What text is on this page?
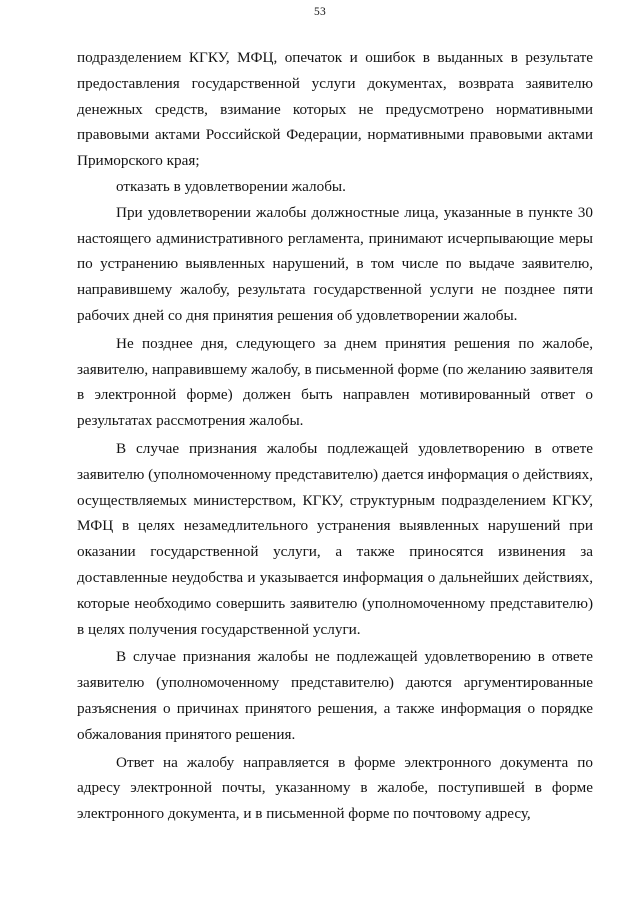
53

подразделением КГКУ, МФЦ, опечаток и ошибок в выданных в результате предоставления государственной услуги документах, возврата заявителю денежных средств, взимание которых не предусмотрено нормативными правовыми актами Российской Федерации, нормативными правовыми актами Приморского края;

отказать в удовлетворении жалобы.

При удовлетворении жалобы должностные лица, указанные в пункте 30 настоящего административного регламента, принимают исчерпывающие меры по устранению выявленных нарушений, в том числе по выдаче заявителю, направившему жалобу, результата государственной услуги не позднее пяти рабочих дней со дня принятия решения об удовлетворении жалобы.

Не позднее дня, следующего за днем принятия решения по жалобе, заявителю, направившему жалобу, в письменной форме (по желанию заявителя в электронной форме) должен быть направлен мотивированный ответ о результатах рассмотрения жалобы.

В случае признания жалобы подлежащей удовлетворению в ответе заявителю (уполномоченному представителю) дается информация о действиях, осуществляемых министерством, КГКУ, структурным подразделением КГКУ, МФЦ в целях незамедлительного устранения выявленных нарушений при оказании государственной услуги, а также приносятся извинения за доставленные неудобства и указывается информация о дальнейших действиях, которые необходимо совершить заявителю (уполномоченному представителю) в целях получения государственной услуги.

В случае признания жалобы не подлежащей удовлетворению в ответе заявителю (уполномоченному представителю) даются аргументированные разъяснения о причинах принятого решения, а также информация о порядке обжалования принятого решения.

Ответ на жалобу направляется в форме электронного документа по адресу электронной почты, указанному в жалобе, поступившей в форме электронного документа, и в письменной форме по почтовому адресу,
